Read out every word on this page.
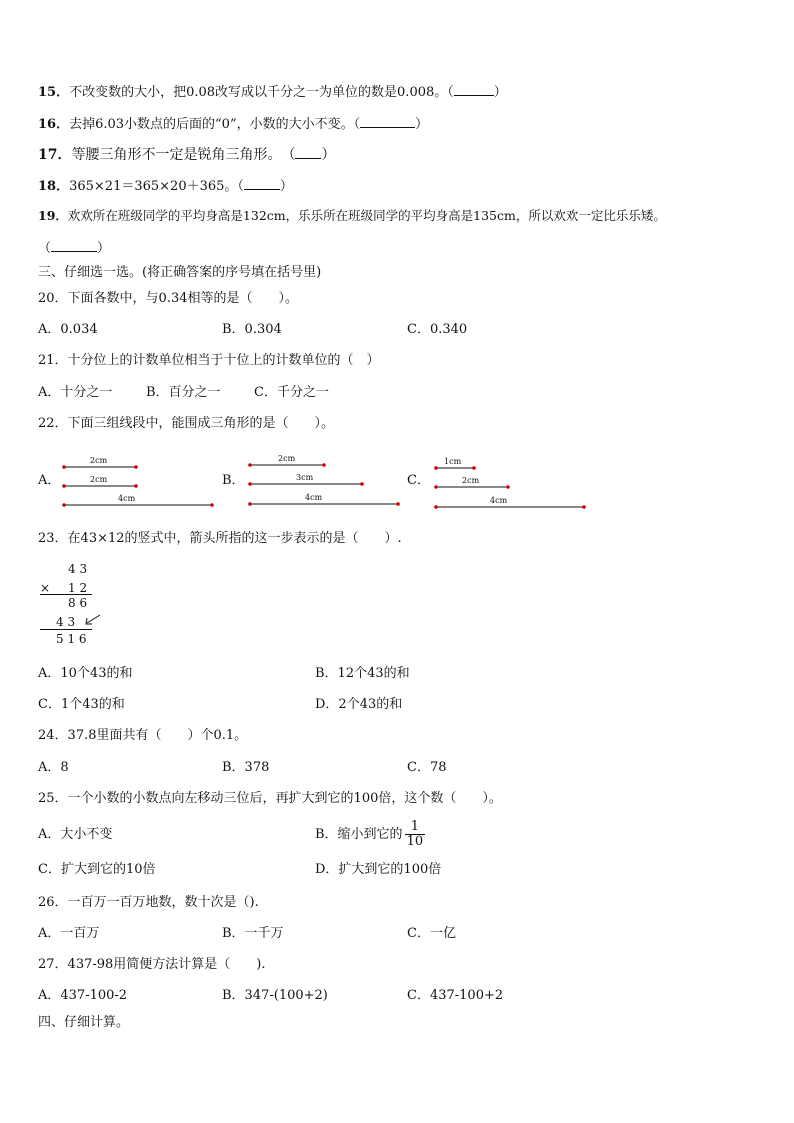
15．不改变数的大小，把0.08改写成以千分之一为单位的数是0.008。（	）
16．去掉6.03小数点的后面的“0”，小数的大小不变。（	）
17．等腰三角形不一定是锐角三角形。　（ ）
18．365×21＝365×20＋365。（	）
19．欢欢所在班级同学的平均身高是132cm，乐乐所在班级同学的平均身高是135cm，所以欢欢一定比乐乐矮。
（	）
三、仔细选一选。(将正确答案的序号填在括号里)
20．下面各数中，与0.34相等的是（　　）。
A．0.034	B．0.304	C．0.340
21．十分位上的计数单位相当于十位上的计数单位的（　）
A．十分之一	B．百分之一	C．千分之一
22．下面三组线段中，能围成三角形的是（　　）。
A．	B．	C．
2cm
2cm
4cm
2cm
3cm
4cm
1cm
2cm
4cm
23．在43×12的竖式中，箭头所指的这一步表示的是（　　）.
4 3
× 1 2
8 6
4 3
5 1 6
A．10个43的和	B．12个43的和
C．1个43的和	D．2个43的和
24．37.8里面共有（　　）个0.1。
A．8	B．378	C．78
25．一个小数的小数点向左移动三位后，再扩大到它的100倍，这个数（　　）。
A．大小不变	B．缩小到它的 $\frac{1}{10}$
C．扩大到它的10倍	D．扩大到它的100倍
26．一百万一百万地数，数十次是（).
A．一百万	B．一千万	C．一亿
27．437-98用简便方法计算是（　　).
A．437-100-2	B．347-(100+2)	C．437-100+2
四、仔细计算。
